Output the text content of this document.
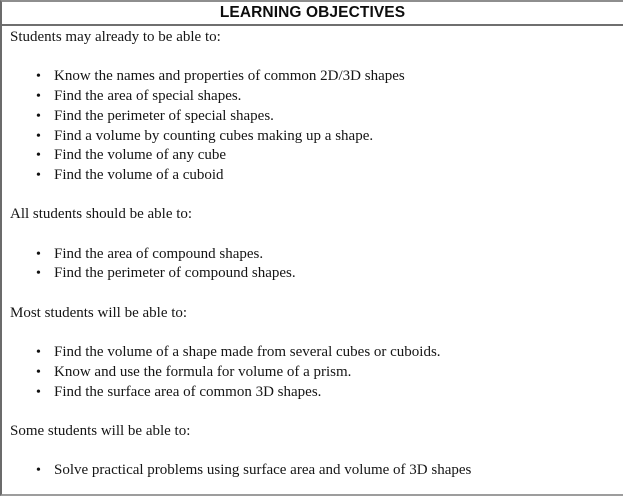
LEARNING OBJECTIVES

Students may already to be able to:

• Know the names and properties of common 2D/3D shapes
• Find the area of special shapes.
• Find the perimeter of special shapes.
• Find a volume by counting cubes making up a shape.
• Find the volume of any cube
• Find the volume of a cuboid

All students should be able to:

• Find the area of compound shapes.
• Find the perimeter of compound shapes.

Most students will be able to:

• Find the volume of a shape made from several cubes or cuboids.
• Know and use the formula for volume of a prism.
• Find the surface area of common 3D shapes.

Some students will be able to:

• Solve practical problems using surface area and volume of 3D shapes
